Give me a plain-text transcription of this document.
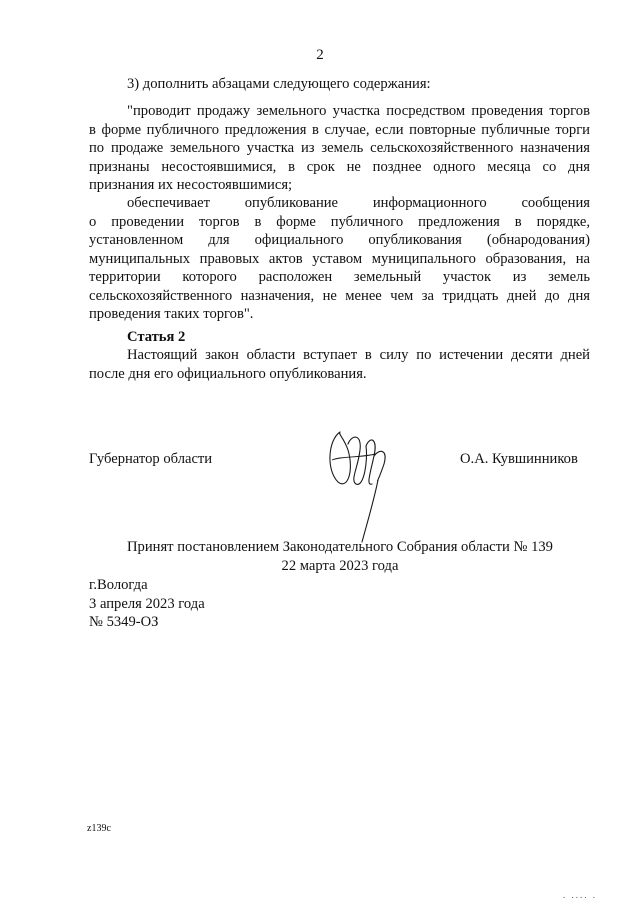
2
3) дополнить абзацами следующего содержания:
"проводит продажу земельного участка посредством проведения торгов
в форме публичного предложения в случае, если повторные публичные торги
по продаже земельного участка из земель сельскохозяйственного назначения
признаны несостоявшимися, в срок не позднее одного месяца со дня
признания их несостоявшимися;
обеспечивает опубликование информационного сообщения
о проведении торгов в форме публичного предложения в порядке,
установленном для официального опубликования (обнародования)
муниципальных правовых актов уставом муниципального образования, на
территории которого расположен земельный участок из земель
сельскохозяйственного назначения, не менее чем за тридцать дней до дня
проведения таких торгов".
Статья 2
Настоящий закон области вступает в силу по истечении десяти дней
после дня его официального опубликования.
Губернатор области	О.А. Кувшинников
Принят постановлением Законодательного Собрания области № 139
22 марта 2023 года
г.Вологда
3 апреля 2023 года
№ 5349-ОЗ
z139c
. .... .
